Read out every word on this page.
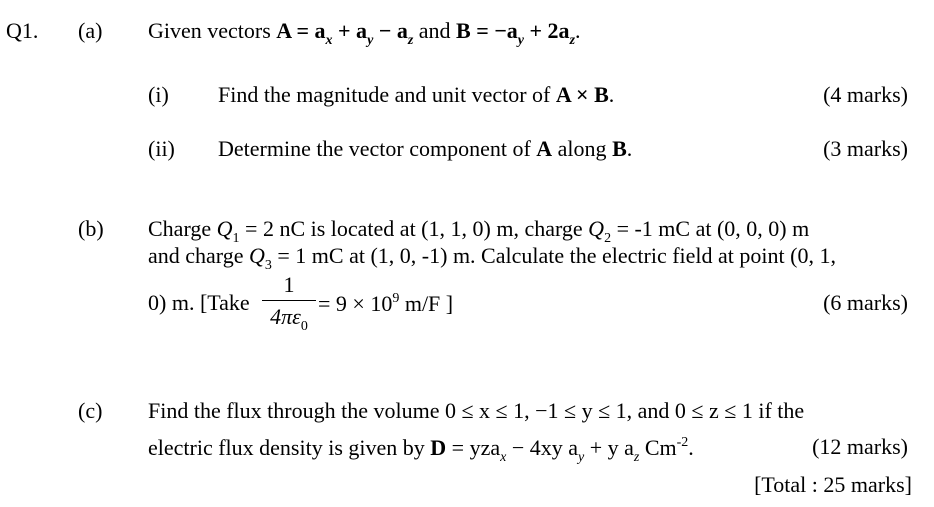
Q1. (a) Given vectors $A = a_x + a_y - a_z$ and $B = -a_y + 2a_z$.
(i) Find the magnitude and unit vector of A × B.	(4 marks)
(ii) Determine the vector component of A along B.	(3 marks)
(b) Charge $Q_1 = 2$ nC is located at (1, 1, 0) m, charge $Q_2 = -1$ mC at (0, 0, 0) m
and charge $Q_3 = 1$ mC at (1, 0, -1) m. Calculate the electric field at point (0, 1,
0) m. [Take
1
$4\pi\varepsilon_0$
= $9 \times 10^9$ m/F ]	(6 marks)
(c) Find the flux through the volume 0 ≤ x ≤ 1, −1 ≤ y ≤ 1, and 0 ≤ z ≤ 1 if the
electric flux density is given by D = yza$_x$ − 4xy $a_y + y$ $a_z$ $Cm^{-2}$.	(12 marks)
[Total : 25 marks]
